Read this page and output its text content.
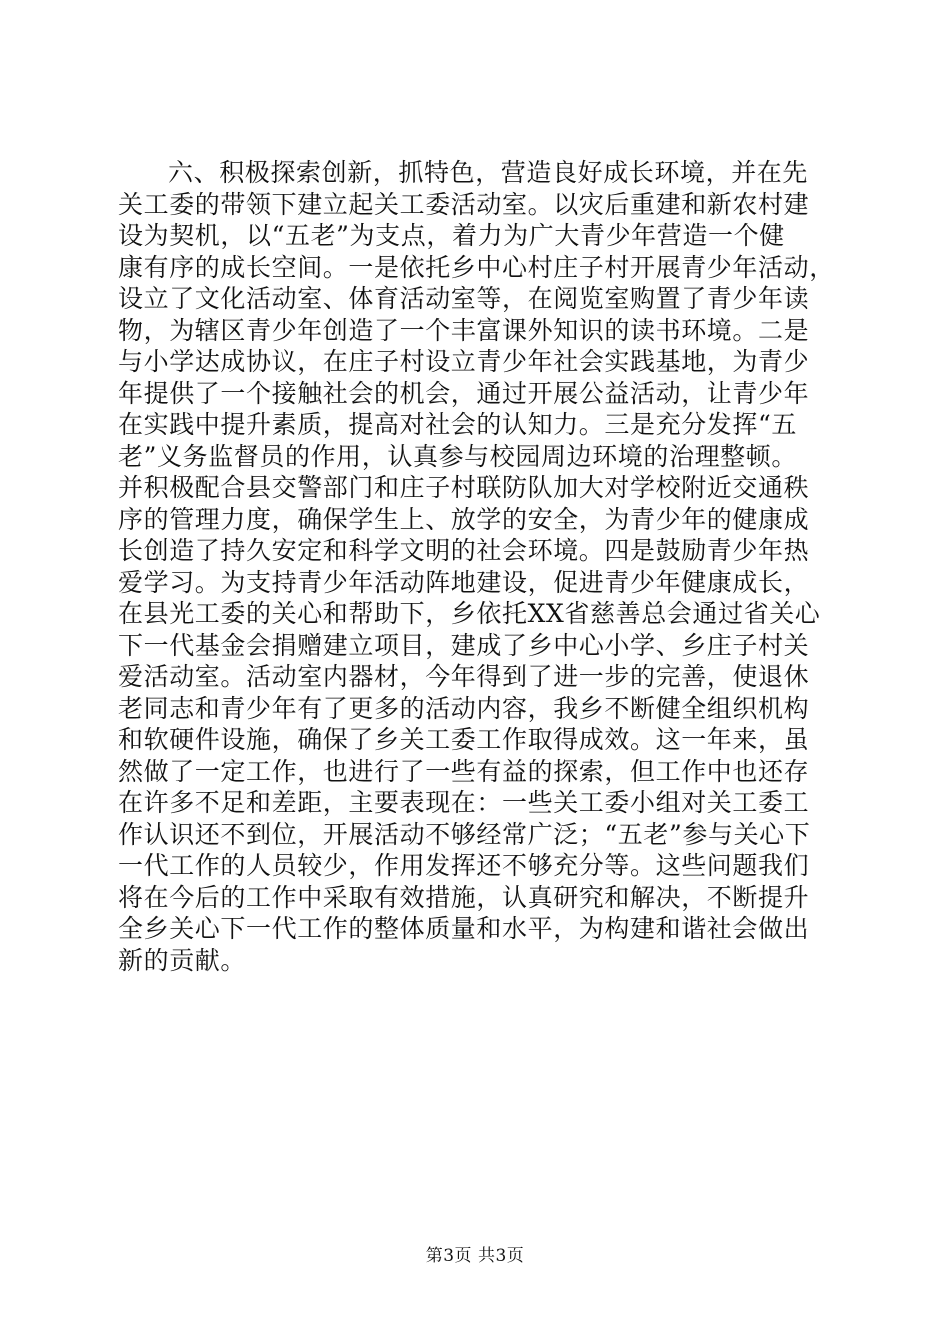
六、积极探索创新，抓特色，营造良好成长环境，并在先
关工委的带领下建立起关工委活动室。以灾后重建和新农村建
设为契机，以“五老”为支点，着力为广大青少年营造一个健
康有序的成长空间。一是依托乡中心村庄子村开展青少年活动，
设立了文化活动室、体育活动室等，在阅览室购置了青少年读
物，为辖区青少年创造了一个丰富课外知识的读书环境。二是
与小学达成协议，在庄子村设立青少年社会实践基地，为青少
年提供了一个接触社会的机会，通过开展公益活动，让青少年
在实践中提升素质，提高对社会的认知力。三是充分发挥“五
老”义务监督员的作用，认真参与校园周边环境的治理整顿。
并积极配合县交警部门和庄子村联防队加大对学校附近交通秩
序的管理力度，确保学生上、放学的安全，为青少年的健康成
长创造了持久安定和科学文明的社会环境。四是鼓励青少年热
爱学习。为支持青少年活动阵地建设，促进青少年健康成长，
在县光工委的关心和帮助下，乡依托XX省慈善总会通过省关心
下一代基金会捐赠建立项目，建成了乡中心小学、乡庄子村关
爱活动室。活动室内器材，今年得到了进一步的完善，使退休
老同志和青少年有了更多的活动内容，我乡不断健全组织机构
和软硬件设施，确保了乡关工委工作取得成效。这一年来，虽
然做了一定工作，也进行了一些有益的探索，但工作中也还存
在许多不足和差距，主要表现在：一些关工委小组对关工委工
作认识还不到位，开展活动不够经常广泛；“五老”参与关心下
一代工作的人员较少，作用发挥还不够充分等。这些问题我们
将在今后的工作中采取有效措施，认真研究和解决，不断提升
全乡关心下一代工作的整体质量和水平，为构建和谐社会做出
新的贡献。
第3页 共3页
